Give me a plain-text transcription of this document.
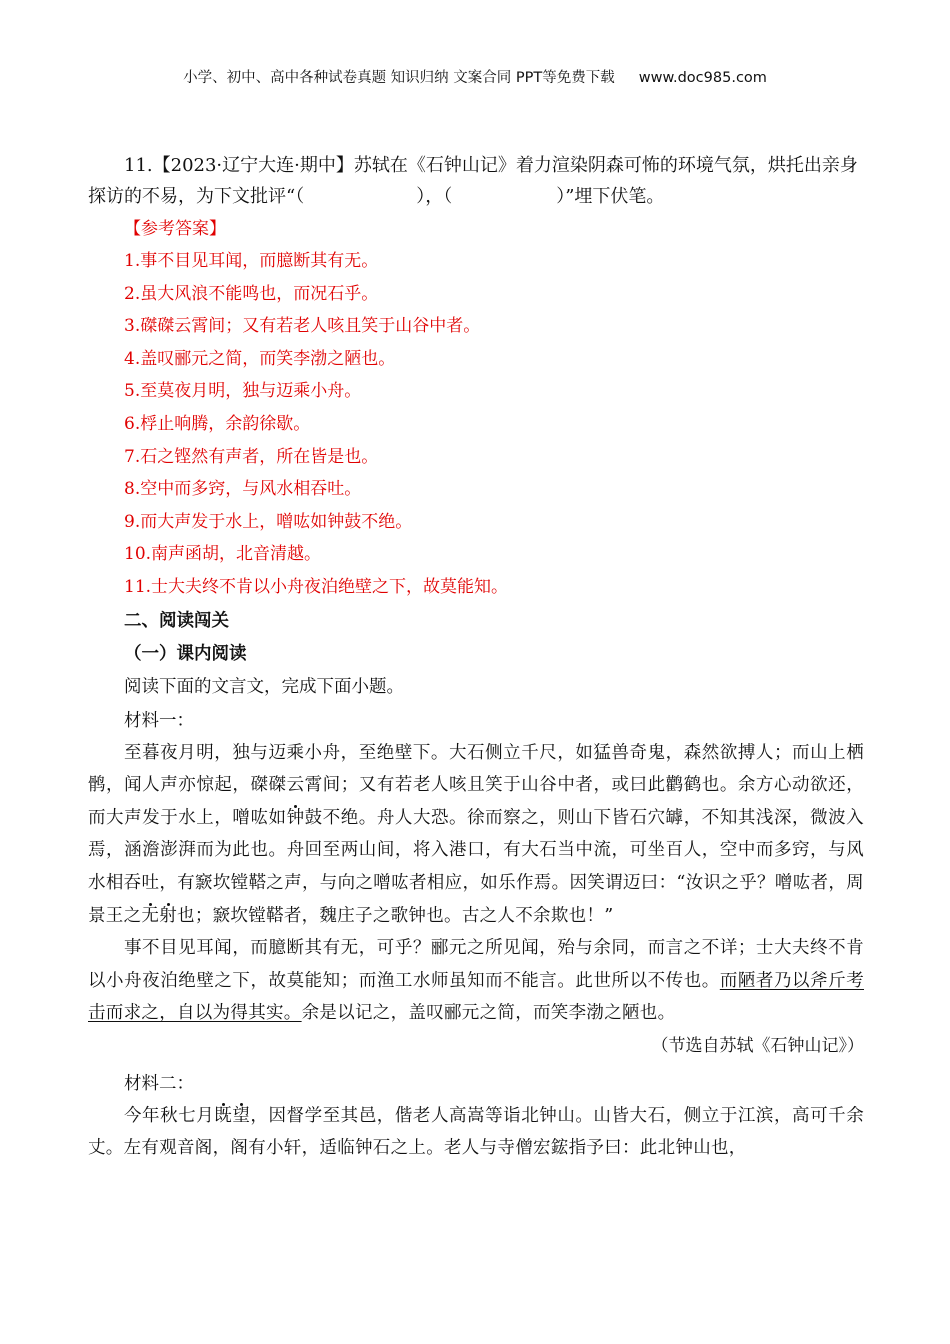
小学、初中、高中各种试卷真题 知识归纳 文案合同 PPT等免费下载 www.doc985.com

11.【2023·辽宁大连·期中】苏轼在《石钟山记》着力渲染阴森可怖的环境气氛，烘托出亲身探访的不易，为下文批评“（	），（	）”埋下伏笔。

【参考答案】
1.事不目见耳闻，而臆断其有无。
2.虽大风浪不能鸣也，而况石乎。
3.磔磔云霄间；又有若老人咳且笑于山谷中者。
4.盖叹郦元之简，而笑李渤之陋也。
5.至莫夜月明，独与迈乘小舟。
6.桴止响腾，余韵徐歇。
7.石之铿然有声者，所在皆是也。
8.空中而多窍，与风水相吞吐。
9.而大声发于水上，噌吰如钟鼓不绝。
10.南声函胡，北音清越。
11.士大夫终不肯以小舟夜泊绝壁之下，故莫能知。
二、阅读闯关
（一）课内阅读
阅读下面的文言文，完成下面小题。
材料一：

至暮夜月明，独与迈乘小舟，至绝壁下。大石侧立千尺，如猛兽奇鬼，森然欲搏人；而山上栖鹘，闻人声亦惊起，磔磔云霄间；又有若老人咳且笑于山谷中者，或曰此鹳鹤也。余方心动欲还，而大声发于水上，噌吰如钟鼓不绝。舟人大恐。徐而察之，则山下皆石穴罅，不知其浅深，微波入焉，涵澹澎湃而为此也。舟回至两山间，将入港口，有大石当中流，可坐百人，空中而多窍，与风水相吞吐，有窾坎镗鞳之声，与向之噌吰者相应，如乐作焉。因笑谓迈曰：“汝识之乎？噌吰者，周景王之无射也；窾坎镗鞳者，魏庄子之歌钟也。古之人不余欺也！”

事不目见耳闻，而臆断其有无，可乎？郦元之所见闻，殆与余同，而言之不详；士大夫终不肯以小舟夜泊绝壁之下，故莫能知；而渔工水师虽知而不能言。此世所以不传也。而陋者乃以斧斤考击而求之，自以为得其实。余是以记之，盖叹郦元之简，而笑李渤之陋也。

（节选自苏轼《石钟山记》）

材料二：

今年秋七月既望，因督学至其邑，偕老人高嵩等诣北钟山。山皆大石，侧立于江滨，高可千余丈。左有观音阁，阁有小轩，适临钟石之上。老人与寺僧宏鋐指予曰：此北钟山也，
